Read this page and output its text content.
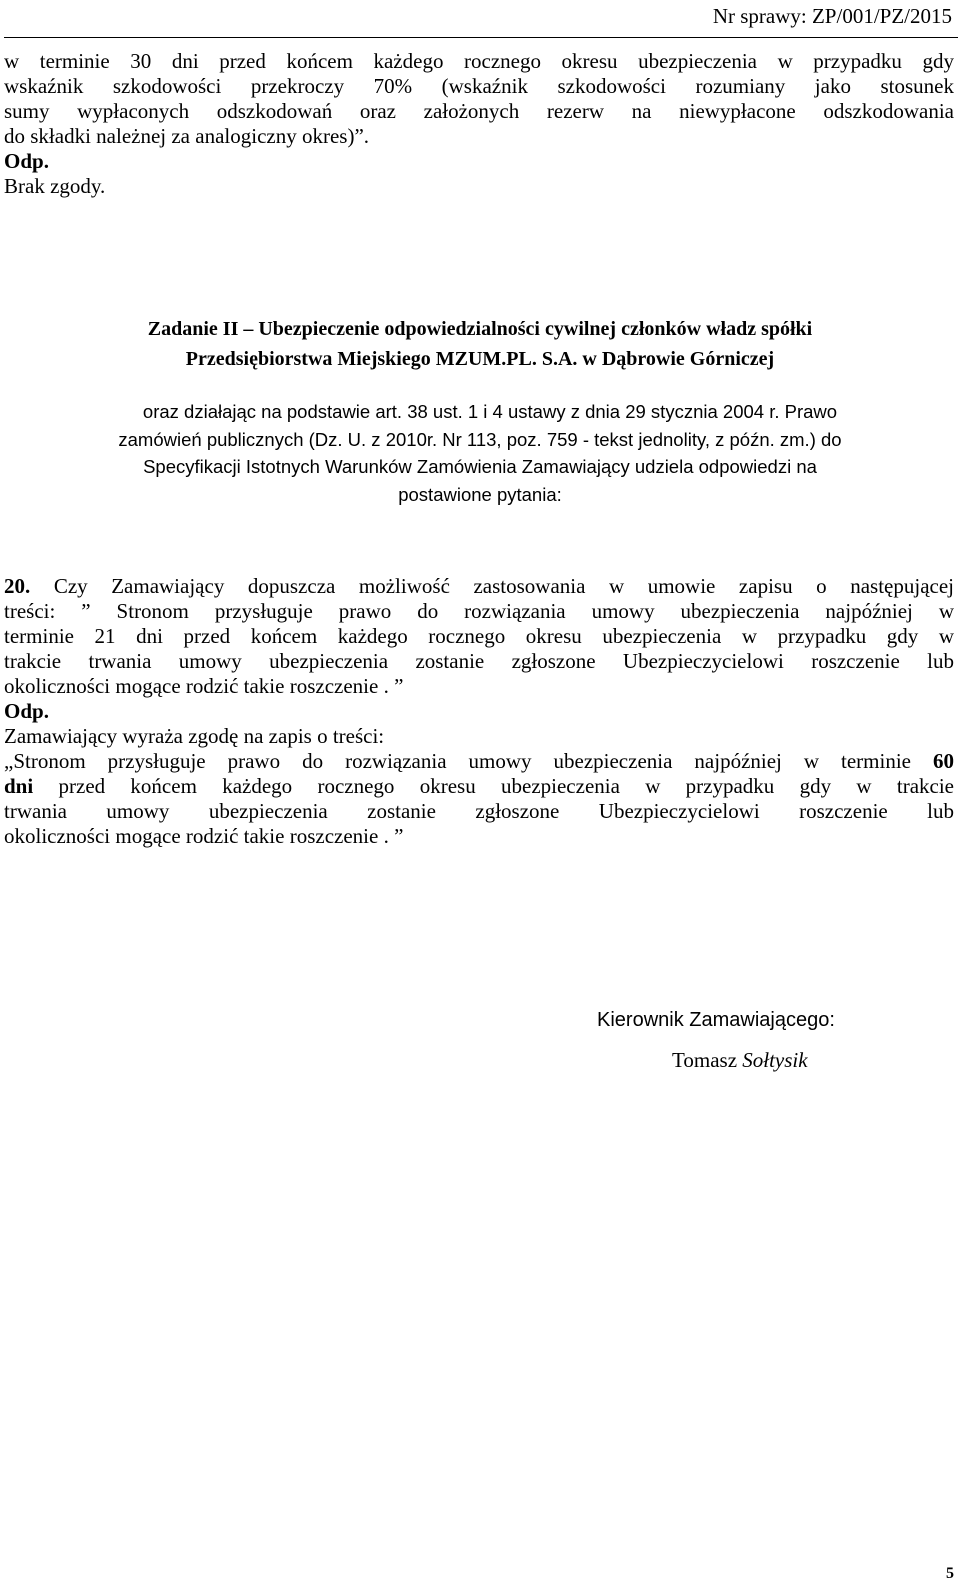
Nr sprawy: ZP/001/PZ/2015
w terminie 30 dni przed końcem każdego rocznego okresu ubezpieczenia w przypadku gdy
wskaźnik szkodowości przekroczy 70% (wskaźnik szkodowości rozumiany jako stosunek
sumy wypłaconych odszkodowań oraz założonych rezerw na niewypłacone odszkodowania
do składki należnej za analogiczny okres)”.
Odp.
Brak zgody.
Zadanie II – Ubezpieczenie odpowiedzialności cywilnej członków władz spółki
Przedsiębiorstwa Miejskiego MZUM.PL. S.A. w Dąbrowie Górniczej
oraz działając na podstawie art. 38 ust. 1 i 4 ustawy z dnia 29 stycznia 2004 r. Prawo
zamówień publicznych (Dz. U. z 2010r. Nr 113, poz. 759 - tekst jednolity, z późn. zm.) do
Specyfikacji Istotnych Warunków Zamówienia Zamawiający udziela odpowiedzi na
postawione pytania:
20. Czy Zamawiający dopuszcza możliwość zastosowania w umowie zapisu o następującej
treści: ” Stronom przysługuje prawo do rozwiązania umowy ubezpieczenia najpóźniej w
terminie 21 dni przed końcem każdego rocznego okresu ubezpieczenia w przypadku gdy w
trakcie trwania umowy ubezpieczenia zostanie zgłoszone Ubezpieczycielowi roszczenie lub
okoliczności mogące rodzić takie roszczenie . ”
Odp.
Zamawiający wyraża zgodę na zapis o treści:
„Stronom przysługuje prawo do rozwiązania umowy ubezpieczenia najpóźniej w terminie 60
dni przed końcem każdego rocznego okresu ubezpieczenia w przypadku gdy w trakcie
trwania umowy ubezpieczenia zostanie zgłoszone Ubezpieczycielowi roszczenie lub
okoliczności mogące rodzić takie roszczenie . ”
Kierownik Zamawiającego:
Tomasz Sołtysik
5
